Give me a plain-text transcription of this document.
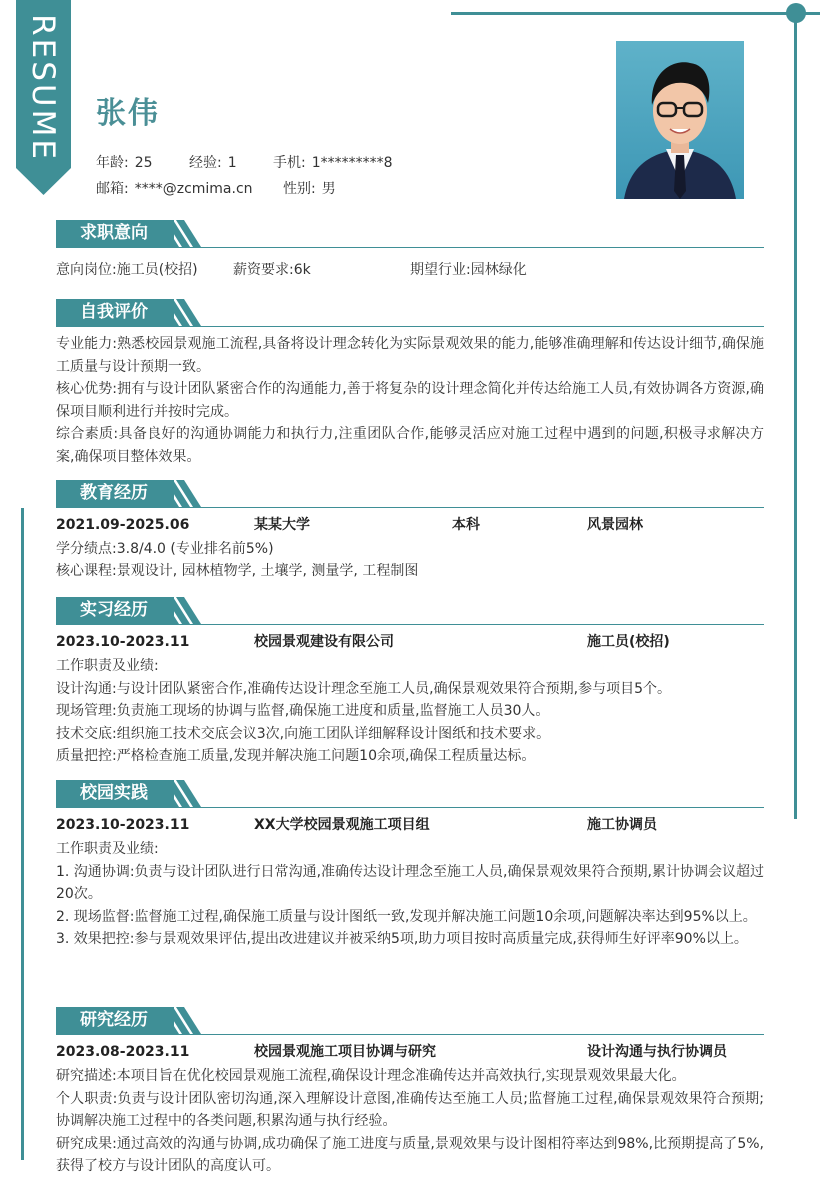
RESUME 张伟
年龄: 25	经验: 1	手机: 1*********8
邮箱: ****@zcmima.cn 性别: 男
求职意向
意向岗位:施工员(校招)	薪资要求:6k	期望行业:园林绿化
自我评价
专业能力:熟悉校园景观施工流程,具备将设计理念转化为实际景观效果的能力,能够准确理解和传达设计细节,确保施工质量与设计预期一致。
核心优势:拥有与设计团队紧密合作的沟通能力,善于将复杂的设计理念简化并传达给施工人员,有效协调各方资源,确保项目顺利进行并按时完成。
综合素质:具备良好的沟通协调能力和执行力,注重团队合作,能够灵活应对施工过程中遇到的问题,积极寻求解决方案,确保项目整体效果。
教育经历
2021.09-2025.06	某某大学	本科	风景园林
学分绩点:3.8/4.0 (专业排名前5%)
核心课程:景观设计, 园林植物学, 土壤学, 测量学, 工程制图
实习经历
2023.10-2023.11	校园景观建设有限公司	施工员(校招)
工作职责及业绩:
设计沟通:与设计团队紧密合作,准确传达设计理念至施工人员,确保景观效果符合预期,参与项目5个。
现场管理:负责施工现场的协调与监督,确保施工进度和质量,监督施工人员30人。
技术交底:组织施工技术交底会议3次,向施工团队详细解释设计图纸和技术要求。
质量把控:严格检查施工质量,发现并解决施工问题10余项,确保工程质量达标。
校园实践
2023.10-2023.11	XX大学校园景观施工项目组	施工协调员
工作职责及业绩:
1. 沟通协调:负责与设计团队进行日常沟通,准确传达设计理念至施工人员,确保景观效果符合预期,累计协调会议超过20次。
2. 现场监督:监督施工过程,确保施工质量与设计图纸一致,发现并解决施工问题10余项,问题解决率达到95%以上。
3. 效果把控:参与景观效果评估,提出改进建议并被采纳5项,助力项目按时高质量完成,获得师生好评率90%以上。
研究经历
2023.08-2023.11	校园景观施工项目协调与研究	设计沟通与执行协调员
研究描述:本项目旨在优化校园景观施工流程,确保设计理念准确传达并高效执行,实现景观效果最大化。
个人职责:负责与设计团队密切沟通,深入理解设计意图,准确传达至施工人员;监督施工过程,确保景观效果符合预期;协调解决施工过程中的各类问题,积累沟通与执行经验。
研究成果:通过高效的沟通与协调,成功确保了施工进度与质量,景观效果与设计图相符率达到98%,比预期提高了5%,获得了校方与设计团队的高度认可。
